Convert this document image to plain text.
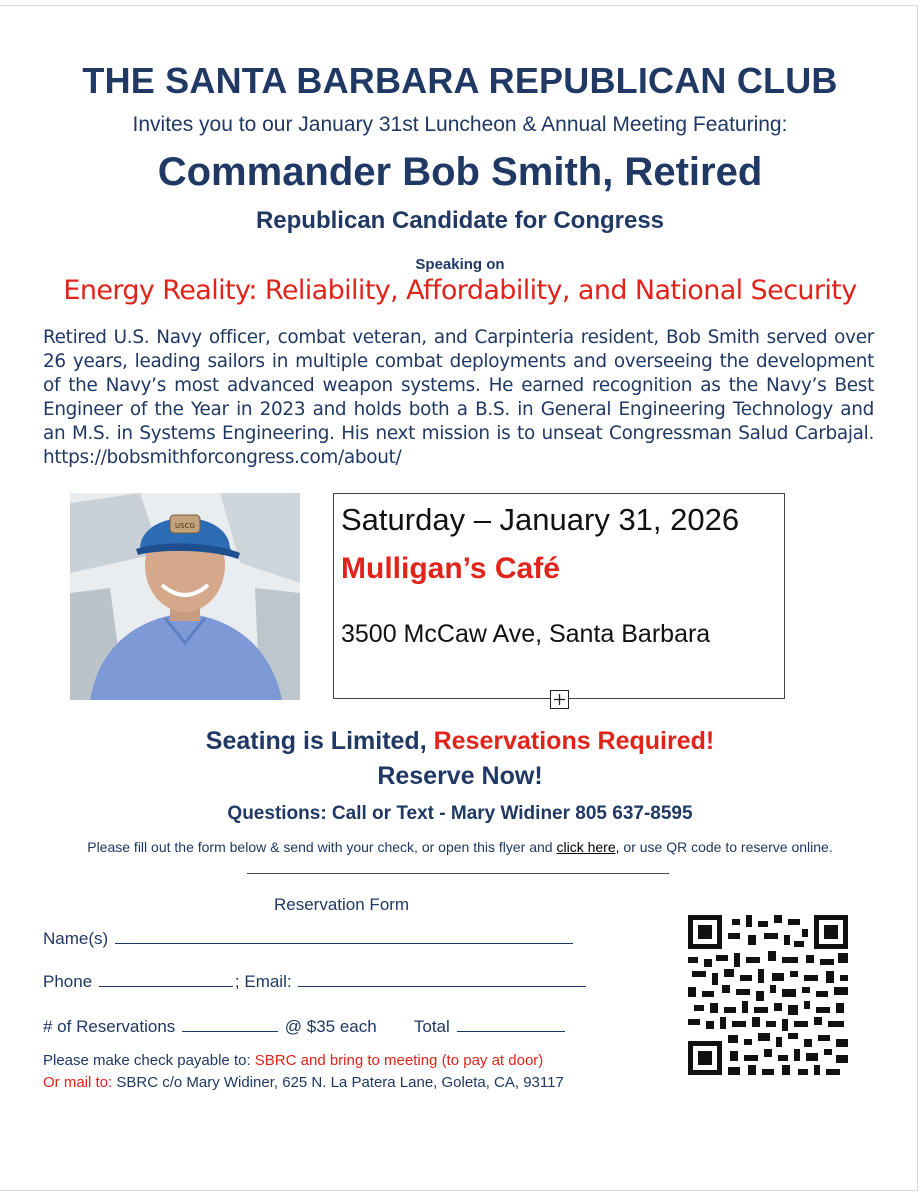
THE SANTA BARBARA REPUBLICAN CLUB
Invites you to our January 31st Luncheon & Annual Meeting Featuring:
Commander Bob Smith, Retired
Republican Candidate for Congress
Speaking on
Energy Reality: Reliability, Affordability, and National Security
Retired U.S. Navy officer, combat veteran, and Carpinteria resident, Bob Smith served over 26 years, leading sailors in multiple combat deployments and overseeing the development of the Navy’s most advanced weapon systems. He earned recognition as the Navy’s Best Engineer of the Year in 2023 and holds both a B.S. in General Engineering Technology and an M.S. in Systems Engineering. His next mission is to unseat Congressman Salud Carbajal. https://bobsmithforcongress.com/about/
USCG	Saturday – January 31, 2026
Mulligan’s Café
3500 McCaw Ave, Santa Barbara
Seating is Limited, Reservations Required!
Reserve Now!
Questions: Call or Text - Mary Widiner 805 637-8595
Please fill out the form below & send with your check, or open this flyer and click here, or use QR code to reserve online.
Reservation Form
Name(s)
Phone	; Email:
# of Reservations	@ $35 each Total
Please make check payable to: SBRC and bring to meeting (to pay at door)
Or mail to: SBRC c/o Mary Widiner, 625 N. La Patera Lane, Goleta, CA, 93117
